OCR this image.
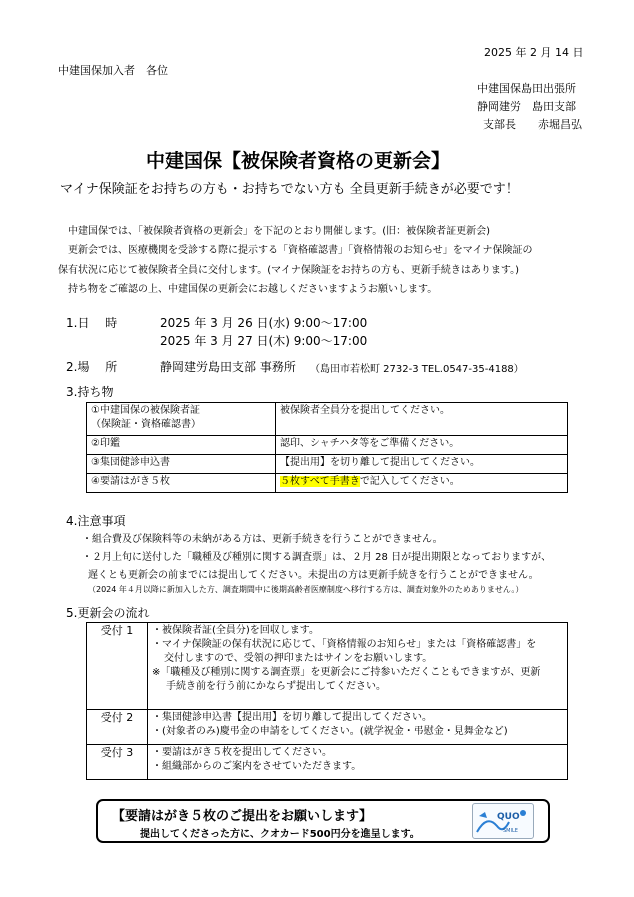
2025 年 2 月 14 日
中建国保加入者　各位
中建国保島田出張所
静岡建労　島田支部
支部長　　赤堀昌弘
中建国保【被保険者資格の更新会】
マイナ保険証をお持ちの方も・お持ちでない方も 全員更新手続きが必要です！
中建国保では、「被保険者資格の更新会」を下記のとおり開催します。(旧：被保険者証更新会)
更新会では、医療機関を受診する際に提示する「資格確認書」「資格情報のお知らせ」をマイナ保険証の
保有状況に応じて被保険者全員に交付します。(マイナ保険証をお持ちの方も、更新手続きはあります。)
持ち物をご確認の上、中建国保の更新会にお越しくださいますようお願いします。
1.日　 時	2025 年 3 月 26 日(水) 9:00～17:00
2025 年 3 月 27 日(木) 9:00～17:00
2.場　 所	静岡建労島田支部 事務所 （島田市若松町 2732-3 TEL.0547-35-4188）
3.持ち物
①中建国保の被保険者証
（保険証・資格確認書）	被保険者全員分を提出してください。
②印鑑	認印、シャチハタ等をご準備ください。
③集団健診申込書	【提出用】を切り離して提出してください。
④要請はがき５枚	５枚すべて手書きで記入してください。
4.注意事項
・組合費及び保険料等の未納がある方は、更新手続きを行うことができません。
・２月上旬に送付した「職種及び種別に関する調査票」は、２月 28 日が提出期限となっておりますが、
遅くとも更新会の前までには提出してください。未提出の方は更新手続きを行うことができません。
（2024 年４月以降に新加入した方、調査期間中に後期高齢者医療制度へ移行する方は、調査対象外のためありません。）
5.更新会の流れ
受付 1	・被保険者証(全員分)を回収します。
・マイナ保険証の保有状況に応じて、「資格情報のお知らせ」または「資格確認書」を
交付しますので、受領の押印またはサインをお願いします。
※「職種及び種別に関する調査票」を更新会にご持参いただくこともできますが、更新
手続き前を行う前にかならず提出してください。

受付 2	・集団健診申込書【提出用】を切り離して提出してください。
・(対象者のみ)慶弔金の申請をしてください。(就学祝金・弔慰金・見舞金など)

受付 3	・要請はがき５枚を提出してください。
・組織部からのご案内をさせていただきます。
【要請はがき５枚のご提出をお願いします】
提出してくださった方に、クオカード500円分を進呈します。
QUO
SMILE
